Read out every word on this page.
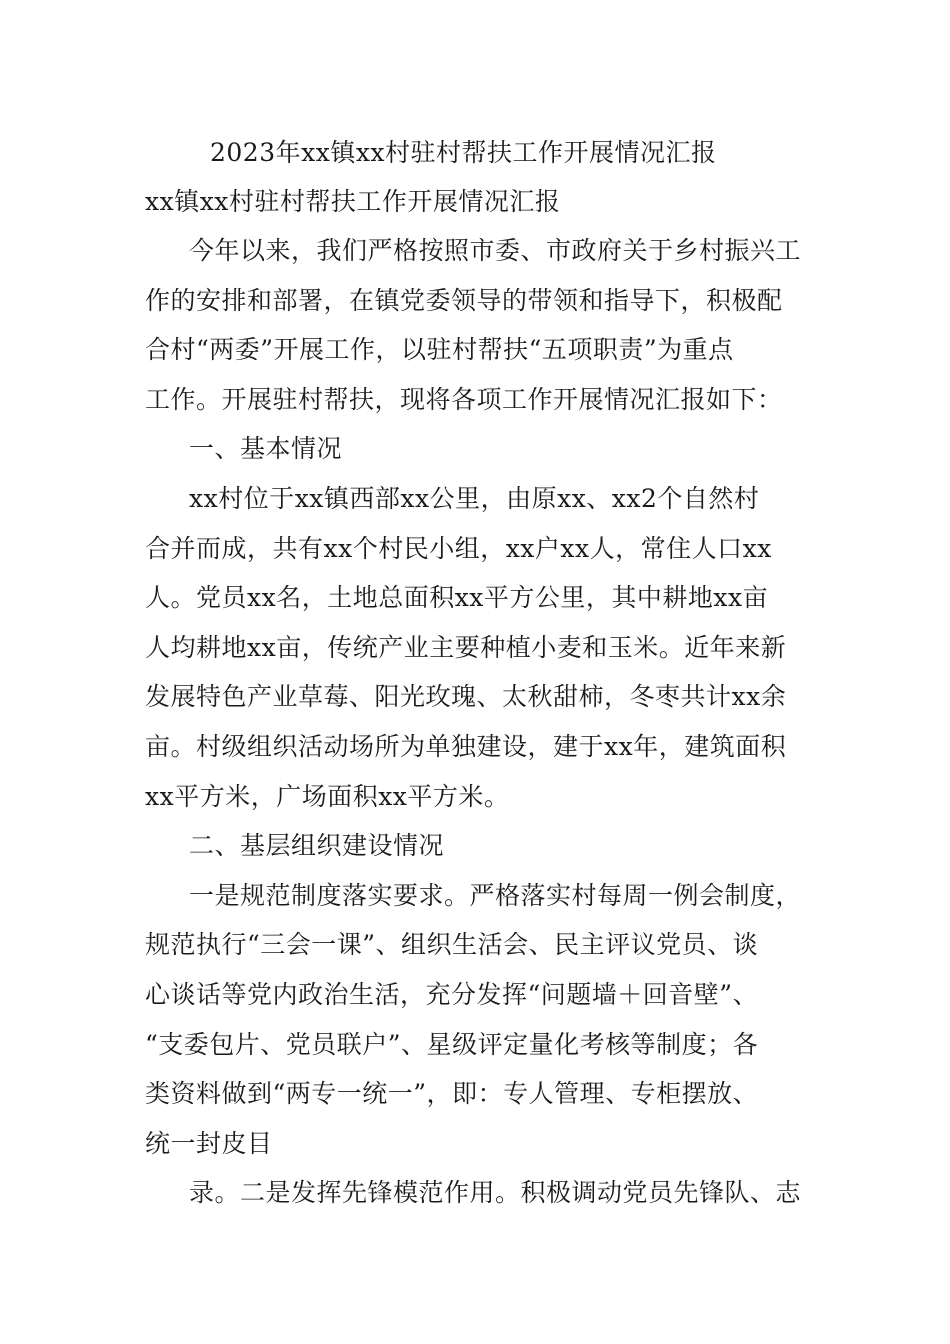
2023年xx镇xx村驻村帮扶工作开展情况汇报
xx镇xx村驻村帮扶工作开展情况汇报
今年以来，我们严格按照市委、市政府关于乡村振兴工
作的安排和部署，在镇党委领导的带领和指导下，积极配
合村“两委”开展工作，以驻村帮扶“五项职责”为重点
工作。开展驻村帮扶，现将各项工作开展情况汇报如下：
一、基本情况
xx村位于xx镇西部xx公里，由原xx、xx2个自然村
合并而成，共有xx个村民小组，xx户xx人，常住人口xx
人。党员xx名，土地总面积xx平方公里，其中耕地xx亩
人均耕地xx亩，传统产业主要种植小麦和玉米。近年来新
发展特色产业草莓、阳光玫瑰、太秋甜柿，冬枣共计xx余
亩。村级组织活动场所为单独建设，建于xx年，建筑面积
xx平方米，广场面积xx平方米。
二、基层组织建设情况
一是规范制度落实要求。严格落实村每周一例会制度，
规范执行“三会一课”、组织生活会、民主评议党员、谈
心谈话等党内政治生活，充分发挥“问题墙＋回音壁”、
“支委包片、党员联户”、星级评定量化考核等制度；各
类资料做到“两专一统一”，即：专人管理、专柜摆放、
统一封皮目
录。二是发挥先锋模范作用。积极调动党员先锋队、志
